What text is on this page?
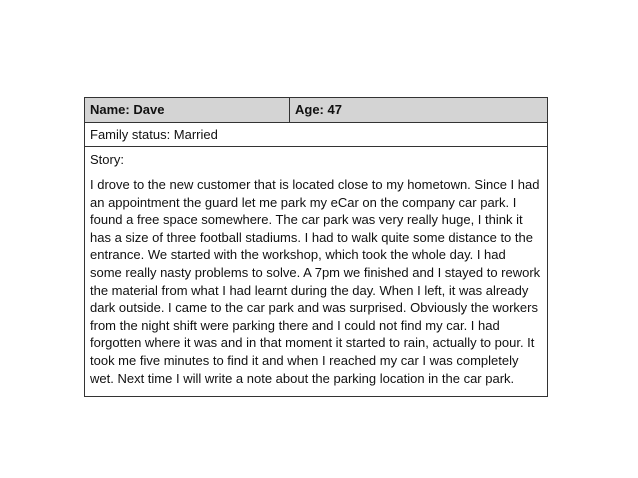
Name: Dave	Age: 47
Family status: Married
Story:

I drove to the new customer that is located close to my hometown. Since I had an appointment the guard let me park my eCar on the company car park. I found a free space somewhere. The car park was very really huge, I think it has a size of three football stadiums. I had to walk quite some distance to the entrance. We started with the workshop, which took the whole day. I had some really nasty problems to solve. A 7pm we finished and I stayed to rework the material from what I had learnt during the day. When I left, it was already dark outside. I came to the car park and was surprised. Obviously the workers from the night shift were parking there and I could not find my car. I had forgotten where it was and in that moment it started to rain, actually to pour. It took me five minutes to find it and when I reached my car I was completely wet. Next time I will write a note about the parking location in the car park.
